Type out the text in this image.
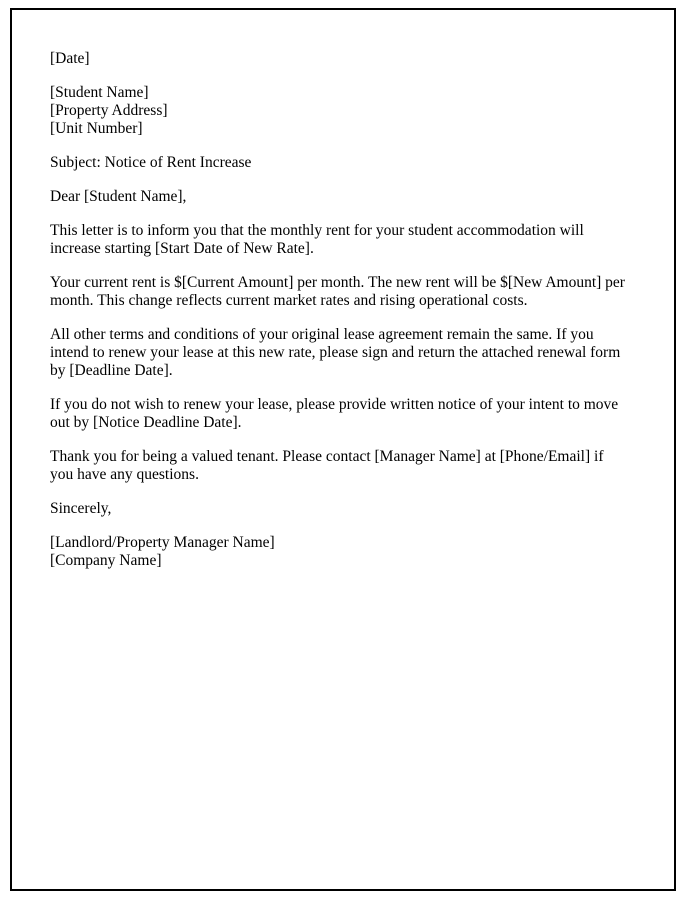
[Date]

[Student Name]

[Property Address]

[Unit Number]

Subject: Notice of Rent Increase

Dear [Student Name],

This letter is to inform you that the monthly rent for your student accommodation will increase starting [Start Date of New Rate].

Your current rent is $[Current Amount] per month. The new rent will be $[New Amount] per month. This change reflects current market rates and rising operational costs.

All other terms and conditions of your original lease agreement remain the same. If you intend to renew your lease at this new rate, please sign and return the attached renewal form by [Deadline Date].

If you do not wish to renew your lease, please provide written notice of your intent to move out by [Notice Deadline Date].

Thank you for being a valued tenant. Please contact [Manager Name] at [Phone/Email] if you have any questions.

Sincerely,

[Landlord/Property Manager Name]

[Company Name]
